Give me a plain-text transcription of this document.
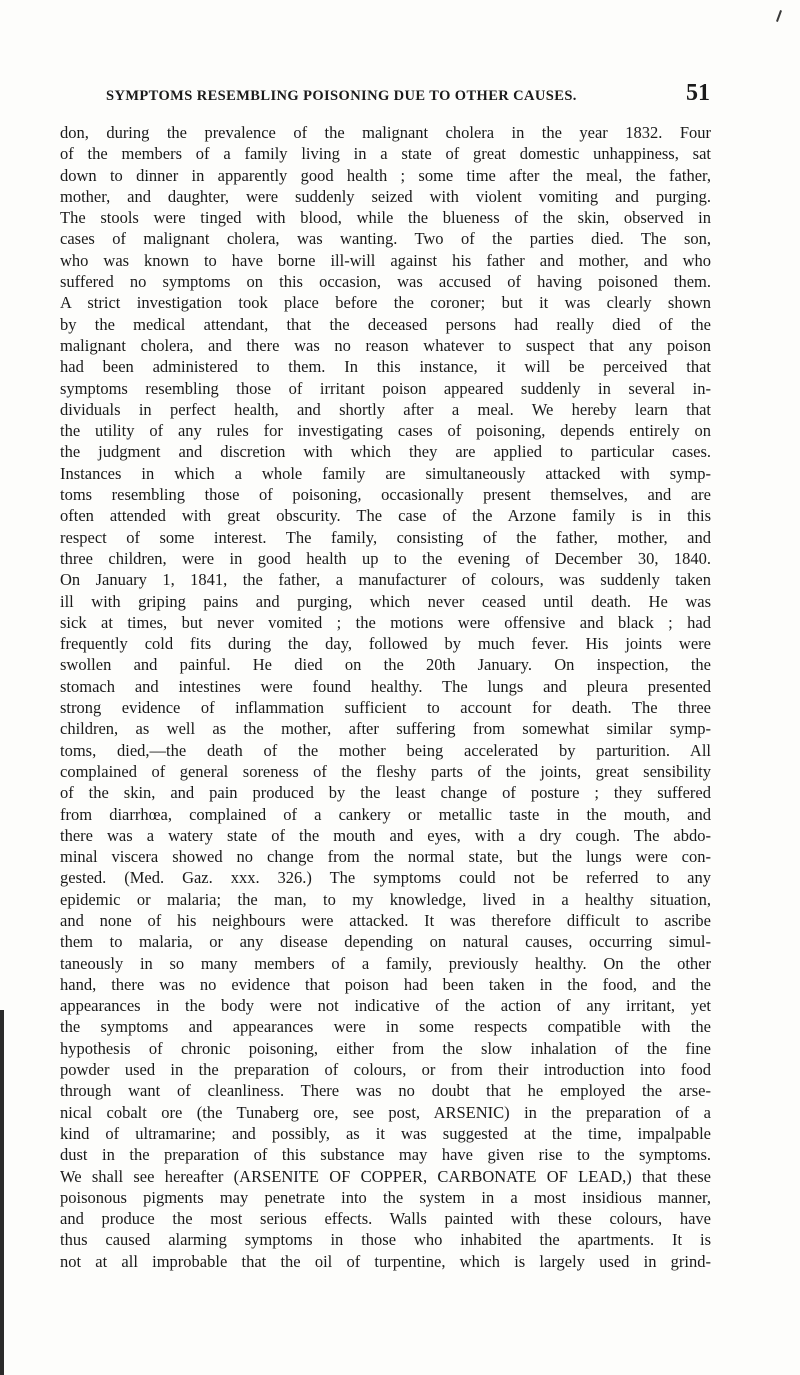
SYMPTOMS RESEMBLING POISONING DUE TO OTHER CAUSES.	51
don, during the prevalence of the malignant cholera in the year 1832. Four
of the members of a family living in a state of great domestic unhappiness, sat
down to dinner in apparently good health ; some time after the meal, the father,
mother, and daughter, were suddenly seized with violent vomiting and purging.
The stools were tinged with blood, while the blueness of the skin, observed in
cases of malignant cholera, was wanting. Two of the parties died. The son,
who was known to have borne ill-will against his father and mother, and who
suffered no symptoms on this occasion, was accused of having poisoned them.
A strict investigation took place before the coroner; but it was clearly shown
by the medical attendant, that the deceased persons had really died of the
malignant cholera, and there was no reason whatever to suspect that any poison
had been administered to them. In this instance, it will be perceived that
symptoms resembling those of irritant poison appeared suddenly in several in-
dividuals in perfect health, and shortly after a meal. We hereby learn that
the utility of any rules for investigating cases of poisoning, depends entirely on
the judgment and discretion with which they are applied to particular cases.
Instances in which a whole family are simultaneously attacked with symp-
toms resembling those of poisoning, occasionally present themselves, and are
often attended with great obscurity. The case of the Arzone family is in this
respect of some interest. The family, consisting of the father, mother, and
three children, were in good health up to the evening of December 30, 1840.
On January 1, 1841, the father, a manufacturer of colours, was suddenly taken
ill with griping pains and purging, which never ceased until death. He was
sick at times, but never vomited ; the motions were offensive and black ; had
frequently cold fits during the day, followed by much fever. His joints were
swollen and painful. He died on the 20th January. On inspection, the
stomach and intestines were found healthy. The lungs and pleura presented
strong evidence of inflammation sufficient to account for death. The three
children, as well as the mother, after suffering from somewhat similar symp-
toms, died,—the death of the mother being accelerated by parturition. All
complained of general soreness of the fleshy parts of the joints, great sensibility
of the skin, and pain produced by the least change of posture ; they suffered
from diarrhœa, complained of a cankery or metallic taste in the mouth, and
there was a watery state of the mouth and eyes, with a dry cough. The abdo-
minal viscera showed no change from the normal state, but the lungs were con-
gested. (Med. Gaz. xxx. 326.) The symptoms could not be referred to any
epidemic or malaria; the man, to my knowledge, lived in a healthy situation,
and none of his neighbours were attacked. It was therefore difficult to ascribe
them to malaria, or any disease depending on natural causes, occurring simul-
taneously in so many members of a family, previously healthy. On the other
hand, there was no evidence that poison had been taken in the food, and the
appearances in the body were not indicative of the action of any irritant, yet
the symptoms and appearances were in some respects compatible with the
hypothesis of chronic poisoning, either from the slow inhalation of the fine
powder used in the preparation of colours, or from their introduction into food
through want of cleanliness. There was no doubt that he employed the arse-
nical cobalt ore (the Tunaberg ore, see post, ARSENIC) in the preparation of a
kind of ultramarine; and possibly, as it was suggested at the time, impalpable
dust in the preparation of this substance may have given rise to the symptoms.
We shall see hereafter (ARSENITE OF COPPER, CARBONATE OF LEAD,) that these
poisonous pigments may penetrate into the system in a most insidious manner,
and produce the most serious effects. Walls painted with these colours, have
thus caused alarming symptoms in those who inhabited the apartments. It is
not at all improbable that the oil of turpentine, which is largely used in grind-
